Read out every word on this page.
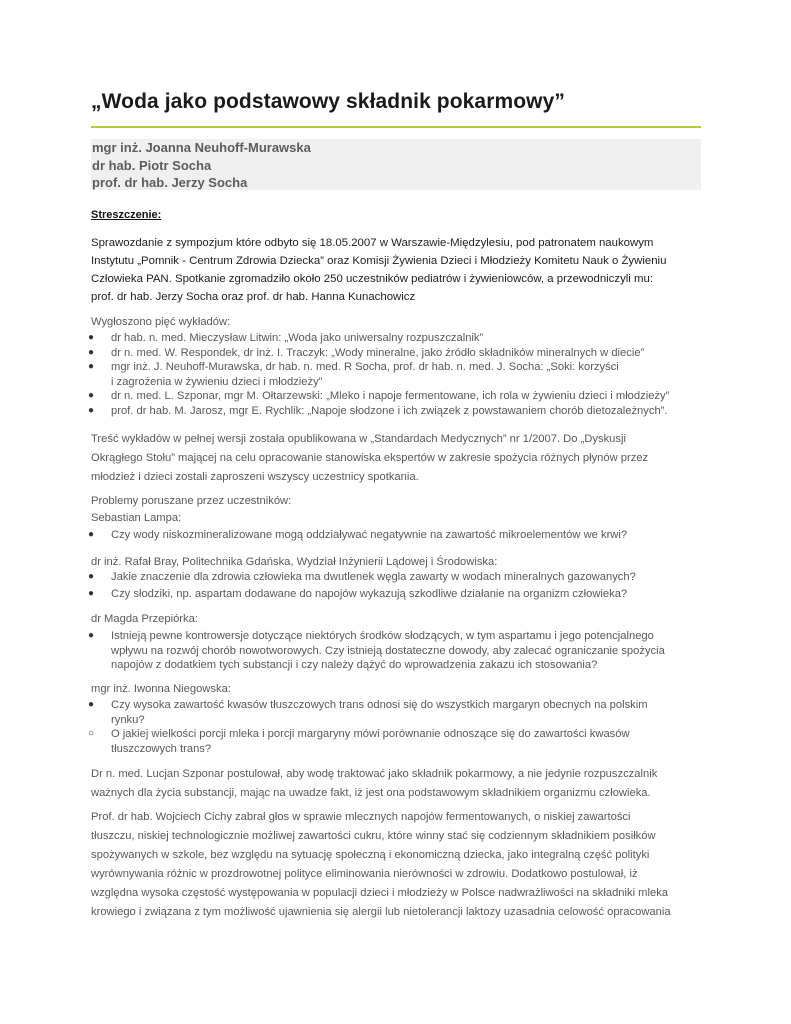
„Woda jako podstawowy składnik pokarmowy”
mgr inż. Joanna Neuhoff-Murawska
dr hab. Piotr Socha
prof. dr hab. Jerzy Socha
Streszczenie:
Sprawozdanie z sympozjum które odbyto się 18.05.2007 w Warszawie-Międzylesiu, pod patronatem naukowym
Instytutu „Pomnik - Centrum Zdrowia Dziecka” oraz Komisji Żywienia Dzieci i Młodzieży Komitetu Nauk o Żywieniu
Człowieka PAN. Spotkanie zgromadziło około 250 uczestników pediatrów i żywieniowców, a przewodniczyli mu:
prof. dr hab. Jerzy Socha oraz prof. dr hab. Hanna Kunachowicz
Wygłoszono pięć wykładów:
● dr hab. n. med. Mieczysław Litwin: „Woda jako uniwersalny rozpuszczalnik”
● dr n. med. W. Respondek, dr inż. I. Traczyk: „Wody mineralne, jako źródło składników mineralnych w diecie”
● mgr inż. J. Neuhoff-Murawska, dr hab. n. med. R Socha, prof. dr hab. n. med. J. Socha: „Soki: korzyści
i zagrożenia w żywieniu dzieci i młodzieży”
● dr n. med. L. Szponar, mgr M. Ołtarzewski: „Mleko i napoje fermentowane, ich rola w żywieniu dzieci i młodzieży”
● prof. dr hab. M. Jarosz, mgr E. Rychlik: „Napoje słodzone i ich związek z powstawaniem chorób dietozależnych”.
Treść wykładów w pełnej wersji została opublikowana w „Standardach Medycznych” nr 1/2007. Do „Dyskusji
Okrągłego Stołu” mającej na celu opracowanie stanowiska ekspertów w zakresie spożycia różnych płynów przez
młodzież i dzieci zostali zaproszeni wszyscy uczestnicy spotkania.
Problemy poruszane przez uczestników:
Sebastian Lampa:
● Czy wody niskozmineralizowane mogą oddziaływać negatywnie na zawartość mikroelementów we krwi?
dr inż. Rafał Bray, Politechnika Gdańska, Wydział Inżynierii Lądowej i Środowiska:
● Jakie znaczenie dla zdrowia człowieka ma dwutlenek węgla zawarty w wodach mineralnych gazowanych?
● Czy słodziki, np. aspartam dodawane do napojów wykazują szkodliwe działanie na organizm człowieka?
dr Magda Przepiórka:
● Istnieją pewne kontrowersje dotyczące niektórych środków słodzących, w tym aspartamu i jego potencjalnego
wpływu na rozwój chorób nowotworowych. Czy istnieją dostateczne dowody, aby zalecać ograniczanie spożycia
napojów z dodatkiem tych substancji i czy należy dążyć do wprowadzenia zakazu ich stosowania?
mgr inż. Iwonna Niegowska:
● Czy wysoka zawartość kwasów tłuszczowych trans odnosi się do wszystkich margaryn obecnych na polskim
rynku?
○ O jakiej wielkości porcji mleka i porcji margaryny mówi porównanie odnoszące się do zawartości kwasów
tłuszczowych trans?
Dr n. med. Lucjan Szponar postulował, aby wodę traktować jako składnik pokarmowy, a nie jedynie rozpuszczalnik
ważnych dla życia substancji, mając na uwadze fakt, iż jest ona podstawowym składnikiem organizmu człowieka.
Prof. dr hab. Wojciech Cichy zabrał głos w sprawie mlecznych napojów fermentowanych, o niskiej zawartości
tłuszczu, niskiej technologicznie możliwej zawartości cukru, które winny stać się codziennym składnikiem posiłków
spożywanych w szkole, bez względu na sytuację społeczną i ekonomiczną dziecka, jako integralną część polityki
wyrównywania różnic w prozdrowotnej polityce eliminowania nierówności w zdrowiu. Dodatkowo postulował, iż
względna wysoka częstość występowania w populacji dzieci i młodzieży w Polsce nadwrażliwości na składniki mleka
krowiego i związana z tym możliwość ujawnienia się alergii lub nietolerancji laktozy uzasadnia celowość opracowania
